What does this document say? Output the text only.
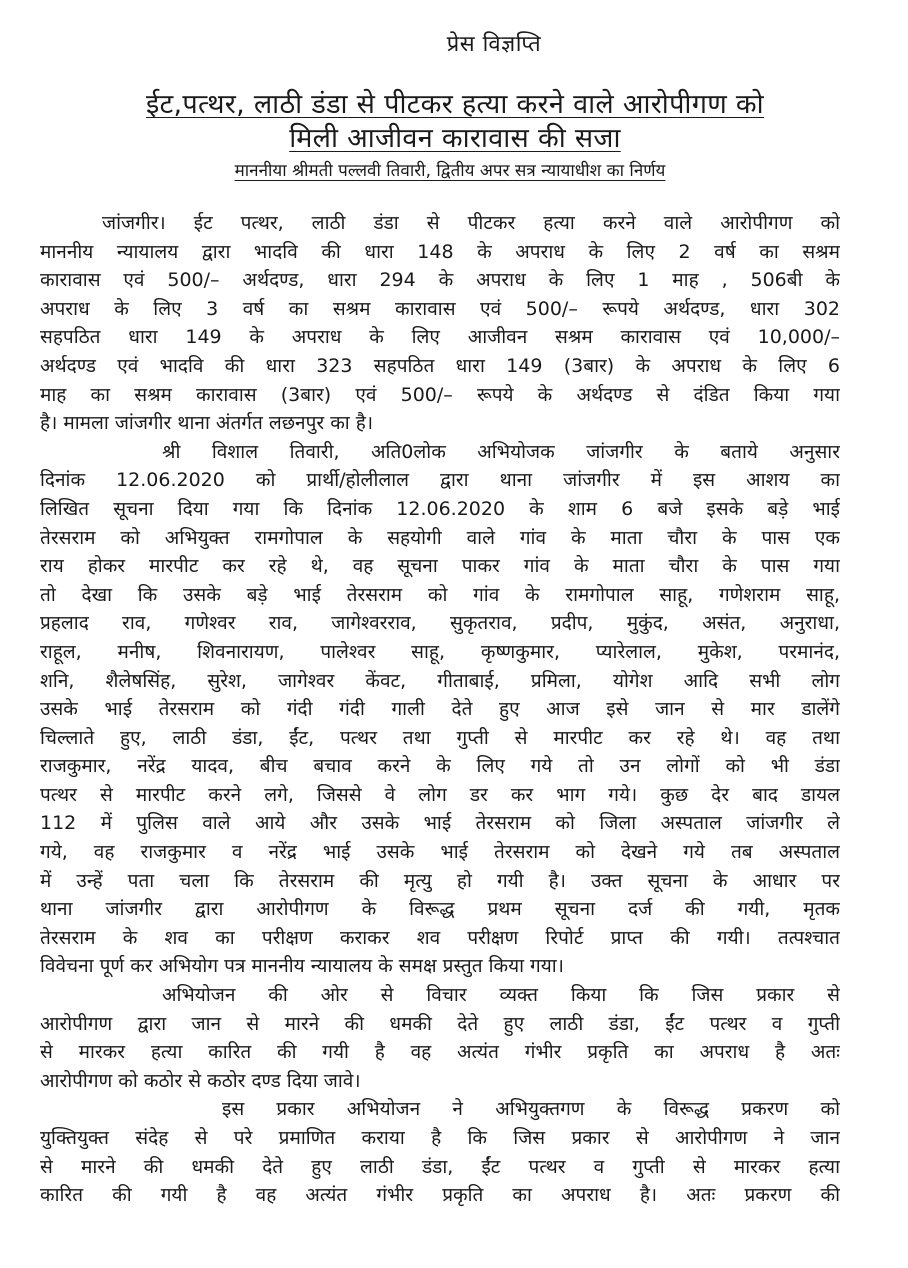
प्रेस विज्ञप्ति
ईट,पत्थर, लाठी डंडा से पीटकर हत्या करने वाले आरोपीगण को
मिली आजीवन कारावास की सजा
माननीया श्रीमती पल्लवी तिवारी, द्वितीय अपर सत्र न्यायाधीश का निर्णय
जांजगीर। ईट पत्थर, लाठी डंडा से पीटकर हत्या करने वाले आरोपीगण को
माननीय न्यायालय द्वारा भादवि की धारा 148 के अपराध के लिए 2 वर्ष का सश्रम
कारावास एवं 500/– अर्थदण्ड, धारा 294 के अपराध के लिए 1 माह , 506बी के
अपराध के लिए 3 वर्ष का सश्रम कारावास एवं 500/– रूपये अर्थदण्ड, धारा 302
सहपठित धारा 149 के अपराध के लिए आजीवन सश्रम कारावास एवं 10,000/–
अर्थदण्ड एवं भादवि की धारा 323 सहपठित धारा 149 (3बार) के अपराध के लिए 6
माह का सश्रम कारावास (3बार) एवं 500/– रूपये के अर्थदण्ड से दंडित किया गया
है। मामला जांजगीर थाना अंतर्गत लछनपुर का है।
श्री विशाल तिवारी, अति0लोक अभियोजक जांजगीर के बताये अनुसार
दिनांक 12.06.2020 को प्रार्थी/होलीलाल द्वारा थाना जांजगीर में इस आशय का
लिखित सूचना दिया गया कि दिनांक 12.06.2020 के शाम 6 बजे इसके बड़े भाई
तेरसराम को अभियुक्त रामगोपाल के सहयोगी वाले गांव के माता चौरा के पास एक
राय होकर मारपीट कर रहे थे, वह सूचना पाकर गांव के माता चौरा के पास गया
तो देखा कि उसके बड़े भाई तेरसराम को गांव के रामगोपाल साहू, गणेशराम साहू,
प्रहलाद राव, गणेश्वर राव, जागेश्वरराव, सुकृतराव, प्रदीप, मुकुंद, असंत, अनुराधा,
राहूल, मनीष, शिवनारायण, पालेश्वर साहू, कृष्णकुमार, प्यारेलाल, मुकेश, परमानंद,
शनि, शैलेषसिंह, सुरेश, जागेश्वर केंवट, गीताबाई, प्रमिला, योगेश आदि सभी लोग
उसके भाई तेरसराम को गंदी गंदी गाली देते हुए आज इसे जान से मार डालेंगे
चिल्लाते हुए, लाठी डंडा, ईंट, पत्थर तथा गुप्ती से मारपीट कर रहे थे। वह तथा
राजकुमार, नरेंद्र यादव, बीच बचाव करने के लिए गये तो उन लोगों को भी डंडा
पत्थर से मारपीट करने लगे, जिससे वे लोग डर कर भाग गये। कुछ देर बाद डायल
112 में पुलिस वाले आये और उसके भाई तेरसराम को जिला अस्पताल जांजगीर ले
गये, वह राजकुमार व नरेंद्र भाई उसके भाई तेरसराम को देखने गये तब अस्पताल
में उन्हें पता चला कि तेरसराम की मृत्यु हो गयी है। उक्त सूचना के आधार पर
थाना जांजगीर द्वारा आरोपीगण के विरूद्ध प्रथम सूचना दर्ज की गयी, मृतक
तेरसराम के शव का परीक्षण कराकर शव परीक्षण रिपोर्ट प्राप्त की गयी। तत्पश्चात
विवेचना पूर्ण कर अभियोग पत्र माननीय न्यायालय के समक्ष प्रस्तुत किया गया।
अभियोजन की ओर से विचार व्यक्त किया कि जिस प्रकार से
आरोपीगण द्वारा जान से मारने की धमकी देते हुए लाठी डंडा, ईंट पत्थर व गुप्ती
से मारकर हत्या कारित की गयी है वह अत्यंत गंभीर प्रकृति का अपराध है अतः
आरोपीगण को कठोर से कठोर दण्ड दिया जावे।
इस प्रकार अभियोजन ने अभियुक्तगण के विरूद्ध प्रकरण को
युक्तियुक्त संदेह से परे प्रमाणित कराया है कि जिस प्रकार से आरोपीगण ने जान
से मारने की धमकी देते हुए लाठी डंडा, ईंट पत्थर व गुप्ती से मारकर हत्या
कारित की गयी है वह अत्यंत गंभीर प्रकृति का अपराध है। अतः प्रकरण की
